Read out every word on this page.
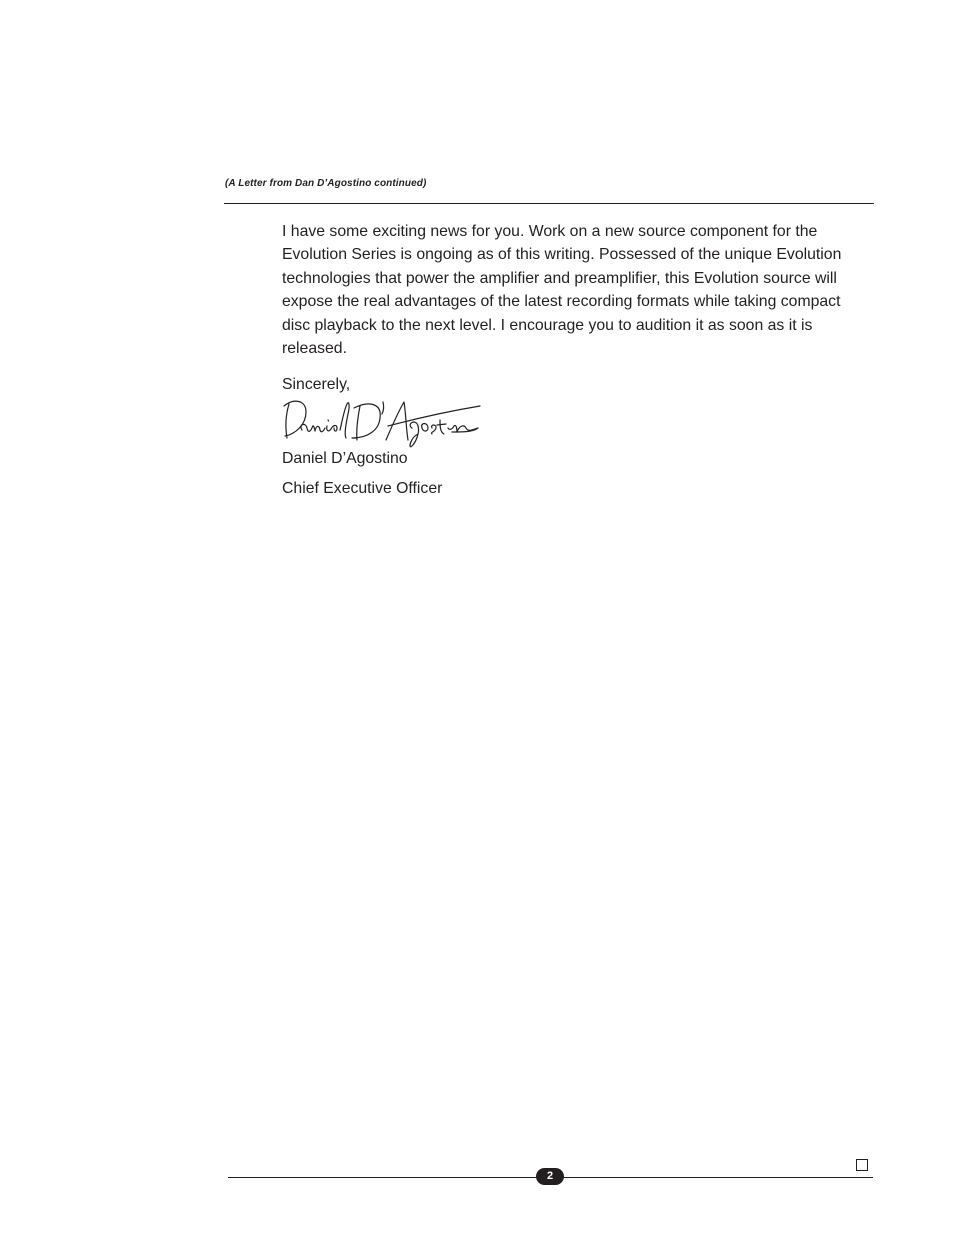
(A Letter from Dan D’Agostino continued)

I have some exciting news for you. Work on a new source component for the Evolution Series is ongoing as of this writing. Possessed of the unique Evolution technologies that power the amplifier and preamplifier, this Evolution source will expose the real advantages of the latest recording formats while taking compact disc playback to the next level. I encourage you to audition it as soon as it is released.

Sincerely,
Daniel D’Agostino
Chief Executive Officer
2
